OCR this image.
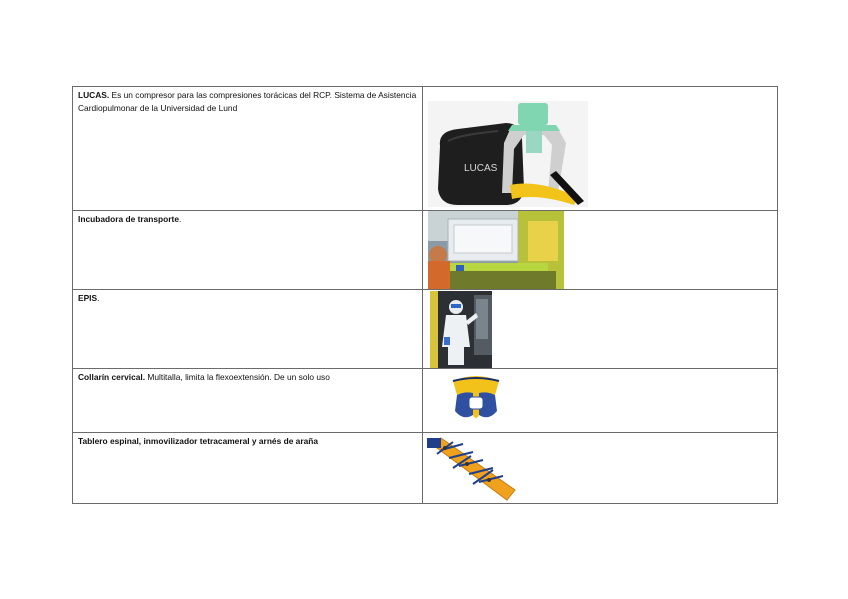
LUCAS. Es un compresor para las compresiones torácicas del RCP. Sistema de Asistencia Cardiopulmonar de la Universidad de Lund	LUCAS

Incubadora de transporte.

EPIS.

Collarín cervical. Multitalla, limita la flexoextensión. De un solo uso

Tablero espinal, inmovilizador tetracameral y arnés de araña
